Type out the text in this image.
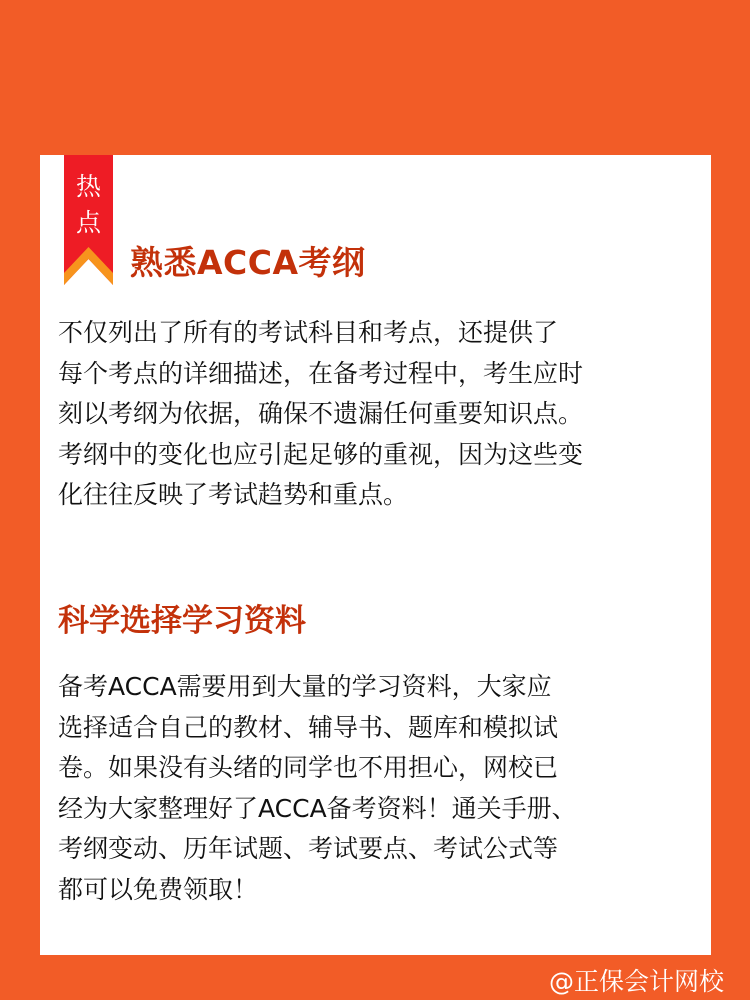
热
点
熟悉ACCA考纲
不仅列出了所有的考试科目和考点，还提供了
每个考点的详细描述，在备考过程中，考生应时
刻以考纲为依据，确保不遗漏任何重要知识点。
考纲中的变化也应引起足够的重视，因为这些变
化往往反映了考试趋势和重点。
科学选择学习资料
备考ACCA需要用到大量的学习资料，大家应
选择适合自己的教材、辅导书、题库和模拟试
卷。如果没有头绪的同学也不用担心，网校已
经为大家整理好了ACCA备考资料！通关手册、
考纲变动、历年试题、考试要点、考试公式等
都可以免费领取！
@正保会计网校
